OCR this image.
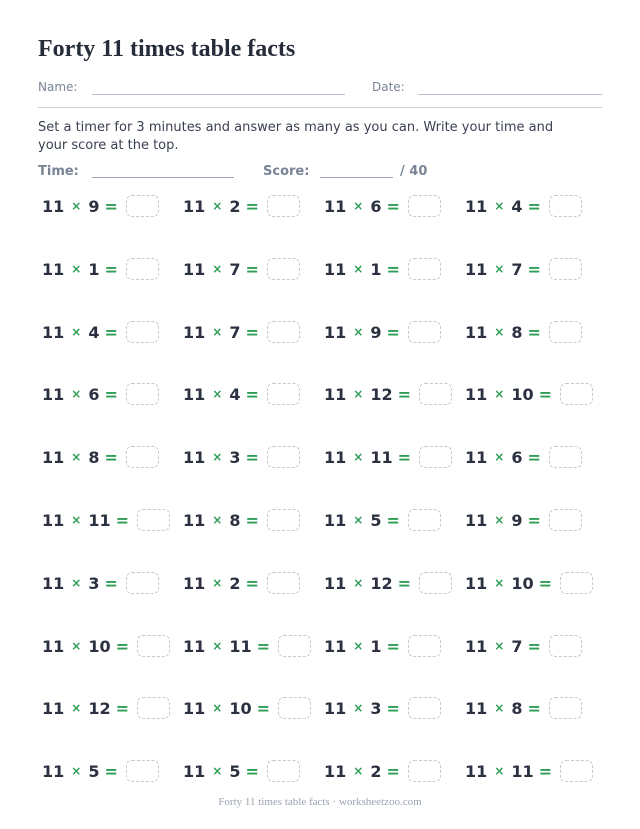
Forty 11 times table facts
Name:	Date:
Set a timer for 3 minutes and answer as many as you can. Write your time and your score at the top.
Time:	Score:	/ 40
11 × 9 =	11 × 2 =	11 × 6 =	11 × 4 =
11 × 1 =	11 × 7 =	11 × 1 =	11 × 7 =
11 × 4 =	11 × 7 =	11 × 9 =	11 × 8 =
11 × 6 =	11 × 4 =	11 × 12 =	11 × 10 =
11 × 8 =	11 × 3 =	11 × 11 =	11 × 6 =
11 × 11 =	11 × 8 =	11 × 5 =	11 × 9 =
11 × 3 =	11 × 2 =	11 × 12 =	11 × 10 =
11 × 10 =	11 × 11 =	11 × 1 =	11 × 7 =
11 × 12 =	11 × 10 =	11 × 3 =	11 × 8 =
11 × 5 =	11 × 5 =	11 × 2 =	11 × 11 =
Forty 11 times table facts · worksheetzoo.com
